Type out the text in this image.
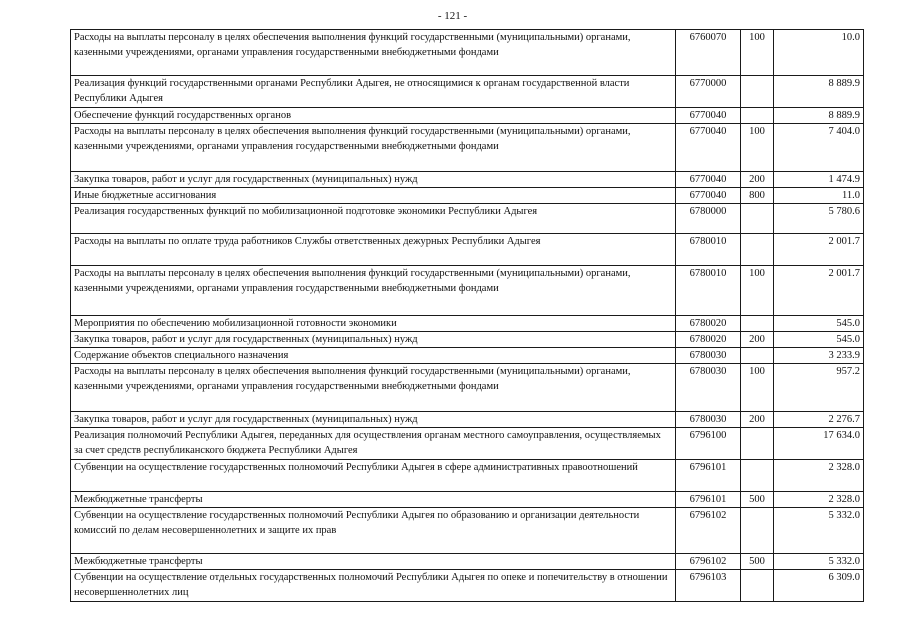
- 121 -
Расходы на выплаты персоналу в целях обеспечения выполнения функций государственными (муниципальными) органами, казенными учреждениями, органами управления государственными внебюджетными фондами	6760070	100	10.0
Реализация функций государственными органами Республики Адыгея, не относящимися к органам государственной власти Республики Адыгея	6770000		8 889.9
Обеспечение функций государственных органов	6770040		8 889.9
Расходы на выплаты персоналу в целях обеспечения выполнения функций государственными (муниципальными) органами, казенными учреждениями, органами управления государственными внебюджетными фондами	6770040	100	7 404.0
Закупка товаров, работ и услуг для государственных (муниципальных) нужд	6770040	200	1 474.9
Иные бюджетные ассигнования	6770040	800	11.0
Реализация государственных функций по мобилизационной подготовке экономики Республики Адыгея	6780000		5 780.6
Расходы на выплаты по оплате труда работников Службы ответственных дежурных Республики Адыгея	6780010		2 001.7
Расходы на выплаты персоналу в целях обеспечения выполнения функций государственными (муниципальными) органами, казенными учреждениями, органами управления государственными внебюджетными фондами	6780010	100	2 001.7
Мероприятия по обеспечению мобилизационной готовности экономики	6780020		545.0
Закупка товаров, работ и услуг для государственных (муниципальных) нужд	6780020	200	545.0
Содержание объектов специального назначения	6780030		3 233.9
Расходы на выплаты персоналу в целях обеспечения выполнения функций государственными (муниципальными) органами, казенными учреждениями, органами управления государственными внебюджетными фондами	6780030	100	957.2
Закупка товаров, работ и услуг для государственных (муниципальных) нужд	6780030	200	2 276.7
Реализация полномочий Республики Адыгея, переданных для осуществления органам местного самоуправления, осуществляемых за счет средств республиканского бюджета Республики Адыгея	6796100		17 634.0
Субвенции на осуществление государственных полномочий Республики Адыгея в сфере административных правоотношений	6796101		2 328.0
Межбюджетные трансферты	6796101	500	2 328.0
Субвенции на осуществление государственных полномочий Республики Адыгея по образованию и организации деятельности комиссий по делам несовершеннолетних и защите их прав	6796102		5 332.0
Межбюджетные трансферты	6796102	500	5 332.0
Субвенции на осуществление отдельных государственных полномочий Республики Адыгея по опеке и попечительству в отношении несовершеннолетних лиц	6796103		6 309.0
